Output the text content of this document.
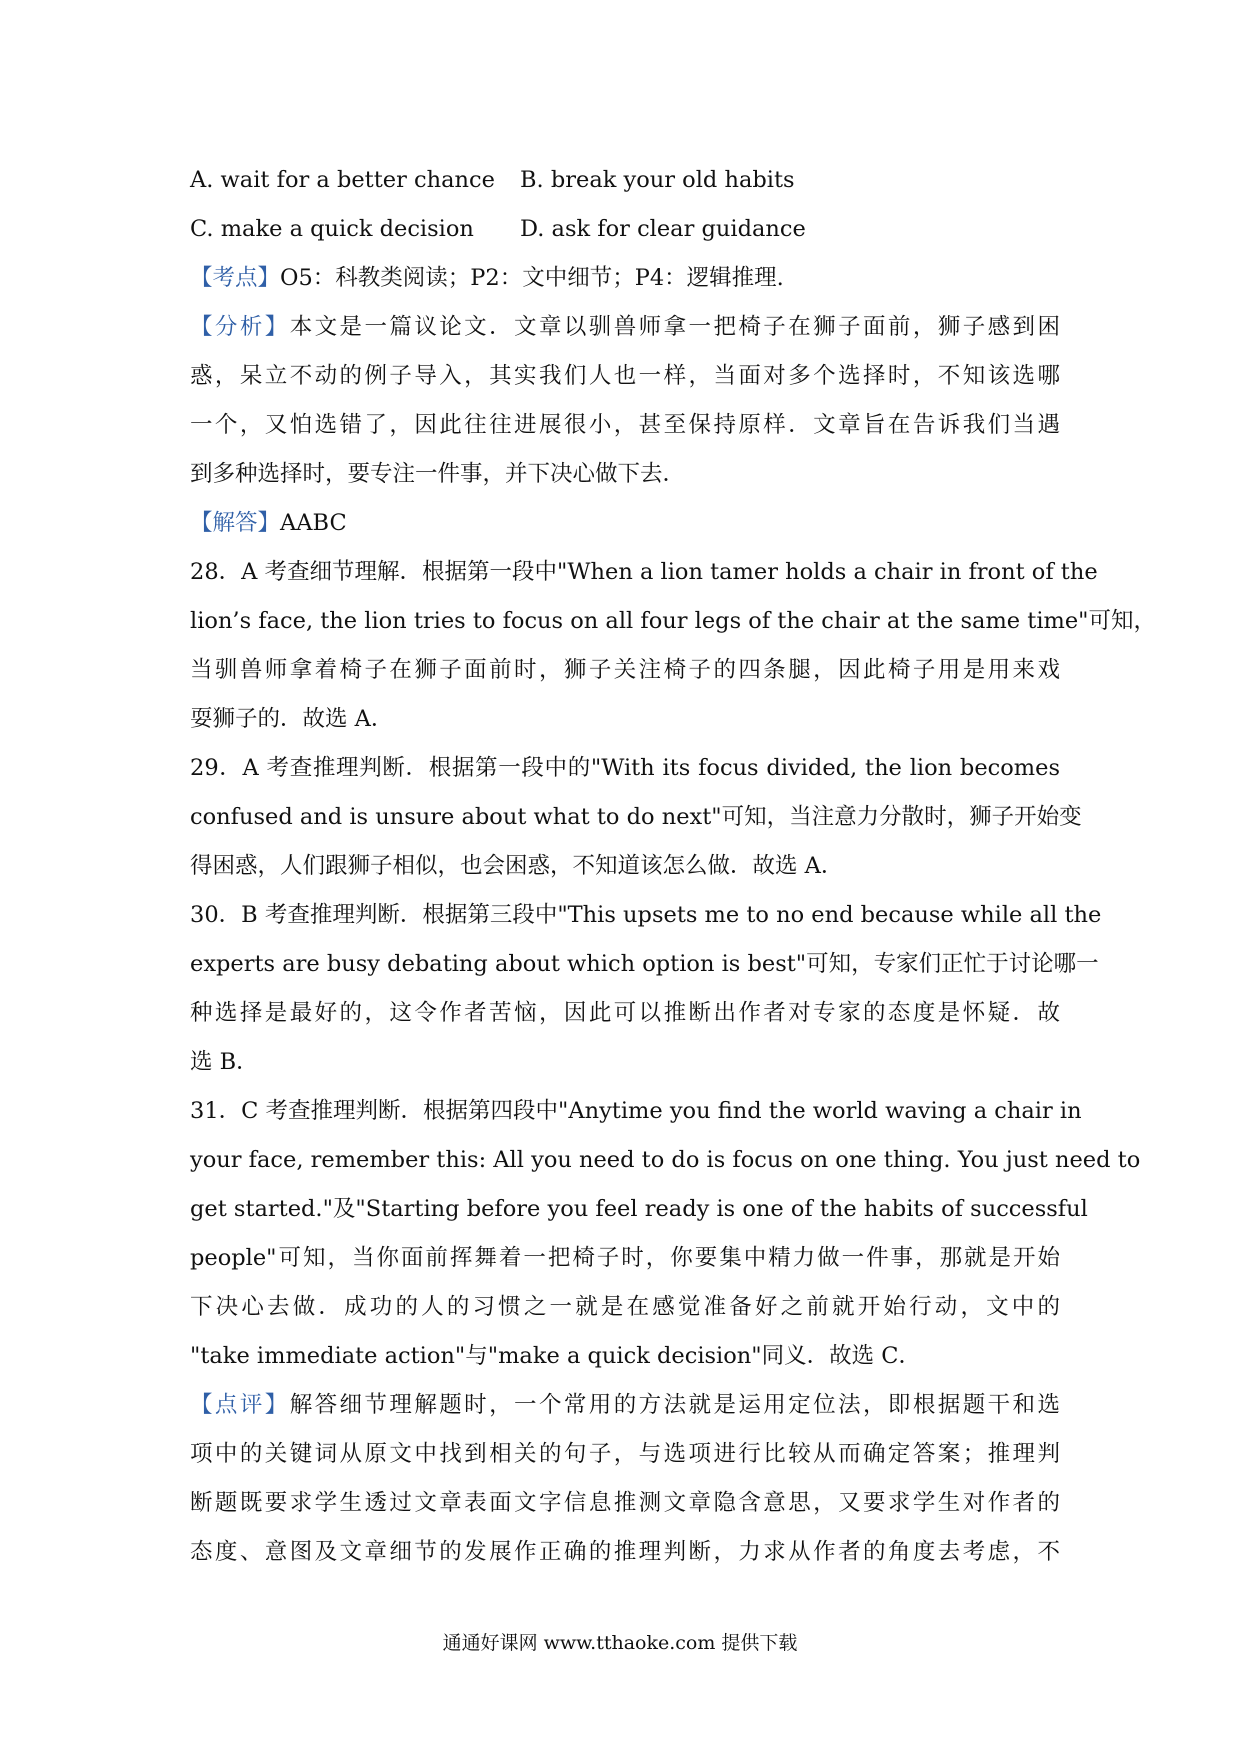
A. wait for a better chance	B. break your old habits
C. make a quick decision	D. ask for clear guidance
【考点】O5：科教类阅读；P2：文中细节；P4：逻辑推理.
【分析】本文是一篇议论文．文章以驯兽师拿一把椅子在狮子面前，狮子感到困
惑，呆立不动的例子导入，其实我们人也一样，当面对多个选择时，不知该选哪
一个，又怕选错了，因此往往进展很小，甚至保持原样．文章旨在告诉我们当遇
到多种选择时，要专注一件事，并下决心做下去．
【解答】AABC
28．A 考查细节理解．根据第一段中"When a lion tamer holds a chair in front of the
lion’s face, the lion tries to focus on all four legs of the chair at the same time"可知，
当驯兽师拿着椅子在狮子面前时，狮子关注椅子的四条腿，因此椅子用是用来戏
耍狮子的．故选 A．
29．A 考查推理判断．根据第一段中的"With its focus divided, the lion becomes
confused and is unsure about what to do next"可知，当注意力分散时，狮子开始变
得困惑，人们跟狮子相似，也会困惑，不知道该怎么做．故选 A．
30．B 考查推理判断．根据第三段中"This upsets me to no end because while all the
experts are busy debating about which option is best"可知，专家们正忙于讨论哪一
种选择是最好的，这令作者苦恼，因此可以推断出作者对专家的态度是怀疑．故
选 B．
31．C 考查推理判断．根据第四段中"Anytime you find the world waving a chair in
your face, remember this: All you need to do is focus on one thing. You just need to
get started."及"Starting before you feel ready is one of the habits of successful
people"可知，当你面前挥舞着一把椅子时，你要集中精力做一件事，那就是开始
下决心去做．成功的人的习惯之一就是在感觉准备好之前就开始行动，文中的
"take immediate action"与"make a quick decision"同义．故选 C．
【点评】解答细节理解题时，一个常用的方法就是运用定位法，即根据题干和选
项中的关键词从原文中找到相关的句子，与选项进行比较从而确定答案；推理判
断题既要求学生透过文章表面文字信息推测文章隐含意思，又要求学生对作者的
态度、意图及文章细节的发展作正确的推理判断，力求从作者的角度去考虑，不
通通好课网 www.tthaoke.com 提供下载
